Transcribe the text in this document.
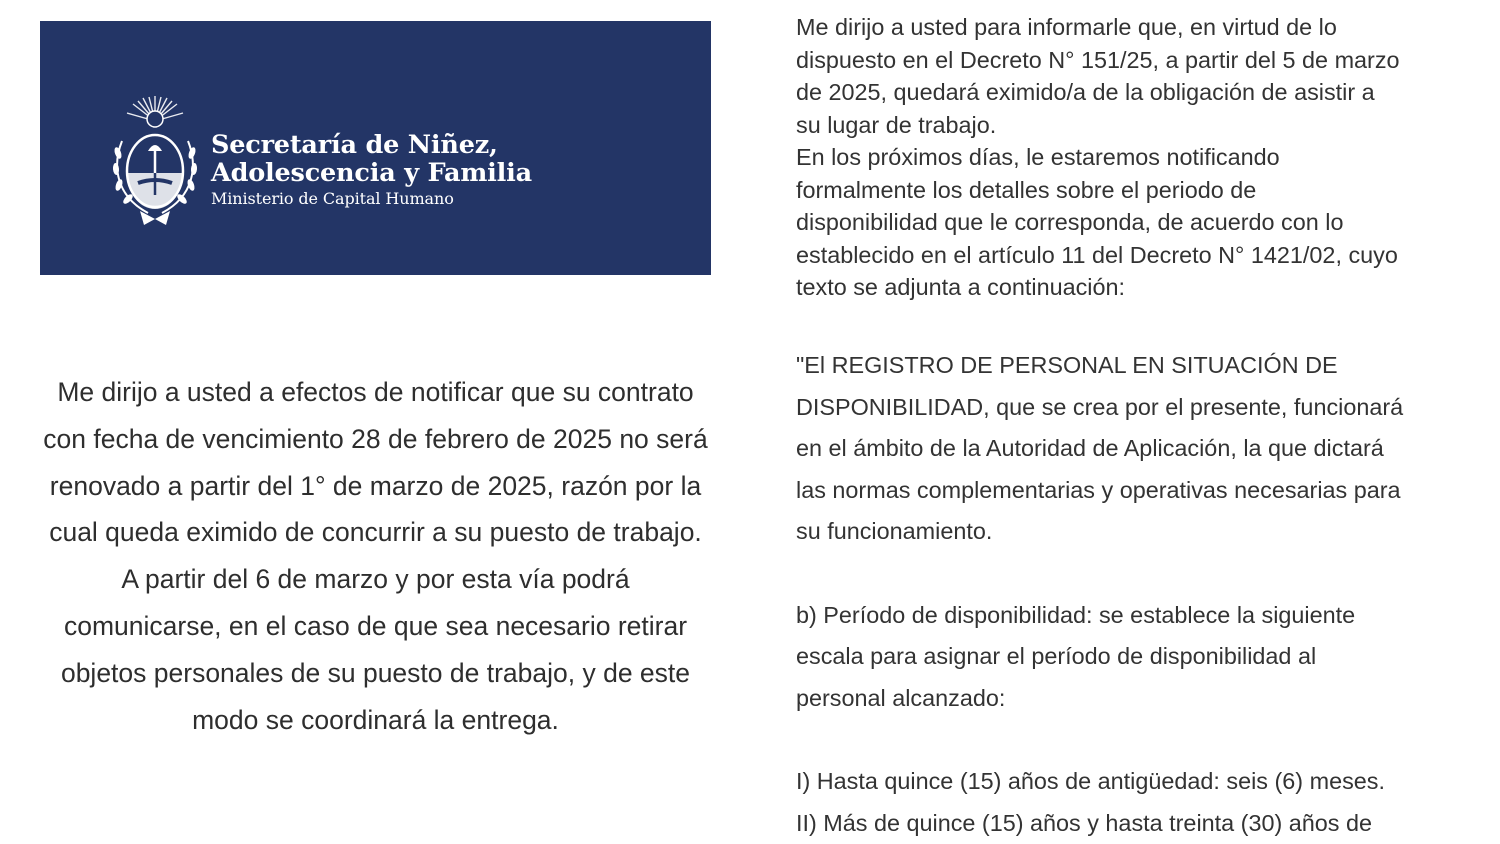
Secretaría de Niñez,
Adolescencia y Familia
Ministerio de Capital Humano

Me dirijo a usted a efectos de notificar que su contrato con fecha de vencimiento 28 de febrero de 2025 no será renovado a partir del 1° de marzo de 2025, razón por la cual queda eximido de concurrir a su puesto de trabajo.

A partir del 6 de marzo y por esta vía podrá comunicarse, en el caso de que sea necesario retirar objetos personales de su puesto de trabajo, y de este modo se coordinará la entrega.

Me dirijo a usted para informarle que, en virtud de lo
dispuesto en el Decreto N° 151/25, a partir del 5 de marzo
de 2025, quedará eximido/a de la obligación de asistir a
su lugar de trabajo.

En los próximos días, le estaremos notificando
formalmente los detalles sobre el periodo de
disponibilidad que le corresponda, de acuerdo con lo
establecido en el artículo 11 del Decreto N° 1421/02, cuyo
texto se adjunta a continuación:

"El REGISTRO DE PERSONAL EN SITUACIÓN DE
DISPONIBILIDAD, que se crea por el presente, funcionará
en el ámbito de la Autoridad de Aplicación, la que dictará
las normas complementarias y operativas necesarias para
su funcionamiento.

b) Período de disponibilidad: se establece la siguiente
escala para asignar el período de disponibilidad al
personal alcanzado:

I) Hasta quince (15) años de antigüedad: seis (6) meses.

II) Más de quince (15) años y hasta treinta (30) años de
